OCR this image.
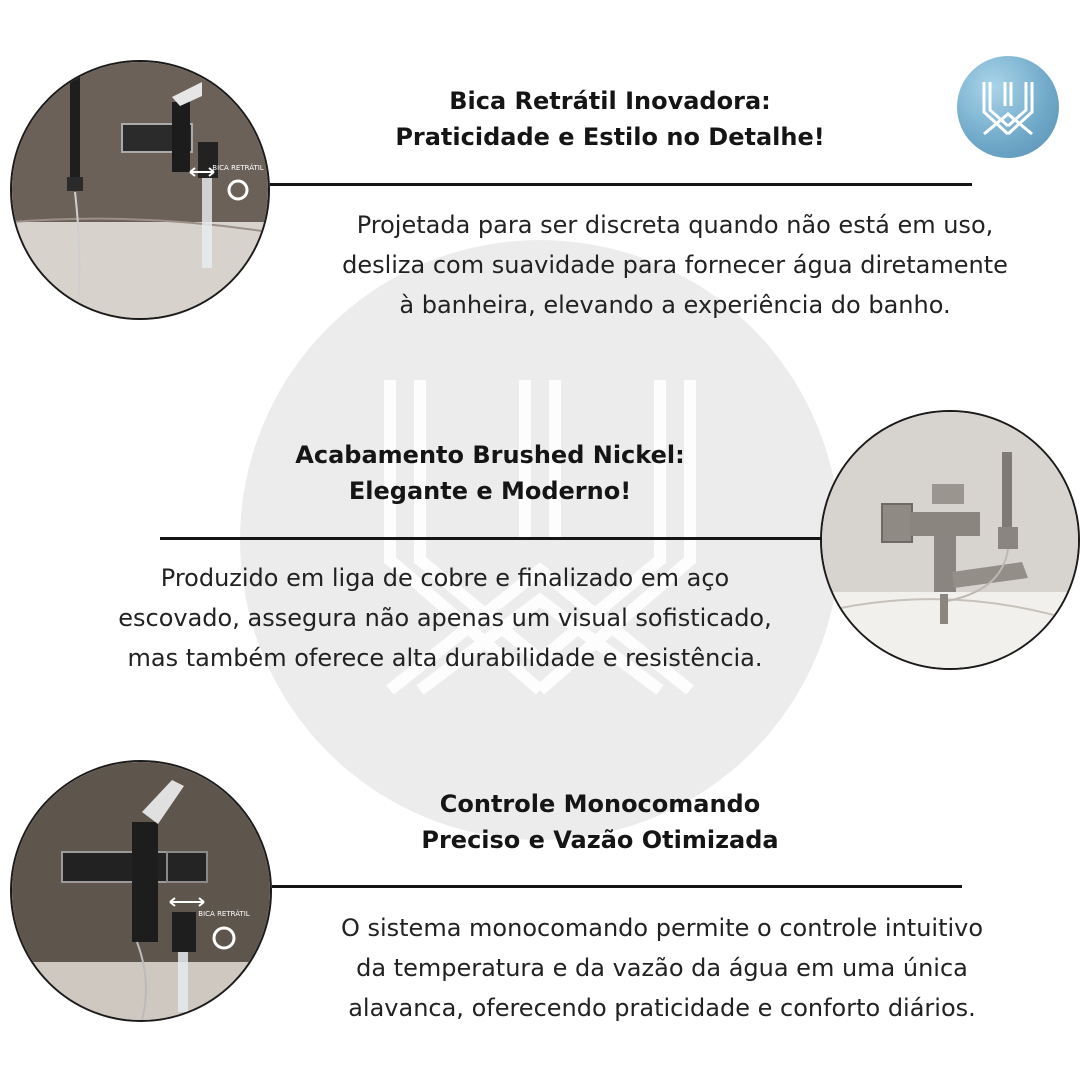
BICA RETRÁTIL
Bica Retrátil Inovadora:
Praticidade e Estilo no Detalhe!
Projetada para ser discreta quando não está em uso,
desliza com suavidade para fornecer água diretamente
à banheira, elevando a experiência do banho.
Acabamento Brushed Nickel:
Elegante e Moderno!
Produzido em liga de cobre e finalizado em aço
escovado, assegura não apenas um visual sofisticado,
mas também oferece alta durabilidade e resistência.
BICA RETRÁTIL
Controle Monocomando
Preciso e Vazão Otimizada
O sistema monocomando permite o controle intuitivo
da temperatura e da vazão da água em uma única
alavanca, oferecendo praticidade e conforto diários.
